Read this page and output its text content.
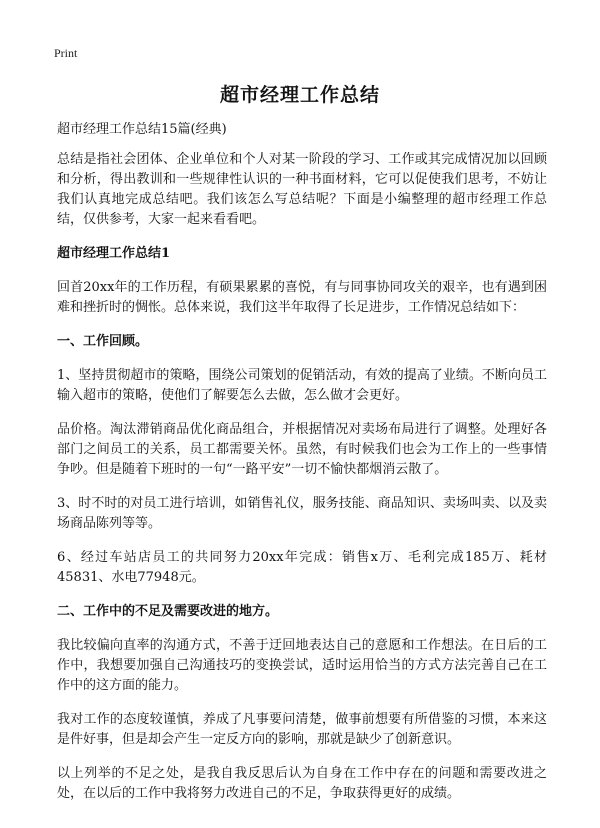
Print
超市经理工作总结

超市经理工作总结15篇(经典)

总结是指社会团体、企业单位和个人对某一阶段的学习、工作或其完成情况加以回顾和分析，得出教训和一些规律性认识的一种书面材料，它可以促使我们思考，不妨让我们认真地完成总结吧。我们该怎么写总结呢？下面是小编整理的超市经理工作总结，仅供参考，大家一起来看看吧。

超市经理工作总结1

回首20xx年的工作历程，有硕果累累的喜悦，有与同事协同攻关的艰辛，也有遇到困难和挫折时的惆怅。总体来说，我们这半年取得了长足进步，工作情况总结如下：

一、工作回顾。

1、坚持贯彻超市的策略，围绕公司策划的促销活动，有效的提高了业绩。不断向员工输入超市的策略，使他们了解要怎么去做，怎么做才会更好。

品价格。淘汰滞销商品优化商品组合，并根据情况对卖场布局进行了调整。处理好各部门之间员工的关系，员工都需要关怀。虽然，有时候我们也会为工作上的一些事情争吵。但是随着下班时的一句“一路平安”一切不愉快都烟消云散了。

3、时不时的对员工进行培训，如销售礼仪，服务技能、商品知识、卖场叫卖、以及卖场商品陈列等等。

6、经过车站店员工的共同努力20xx年完成：销售x万、毛利完成185万、耗材45831、水电77948元。

二、工作中的不足及需要改进的地方。

我比较偏向直率的沟通方式，不善于迂回地表达自己的意愿和工作想法。在日后的工作中，我想要加强自己沟通技巧的变换尝试，适时运用恰当的方式方法完善自己在工作中的这方面的能力。

我对工作的态度较谨慎，养成了凡事要问清楚，做事前想要有所借鉴的习惯，本来这是件好事，但是却会产生一定反方向的影响，那就是缺少了创新意识。

以上列举的不足之处，是我自我反思后认为自身在工作中存在的问题和需要改进之处，在以后的工作中我将努力改进自己的不足，争取获得更好的成绩。
